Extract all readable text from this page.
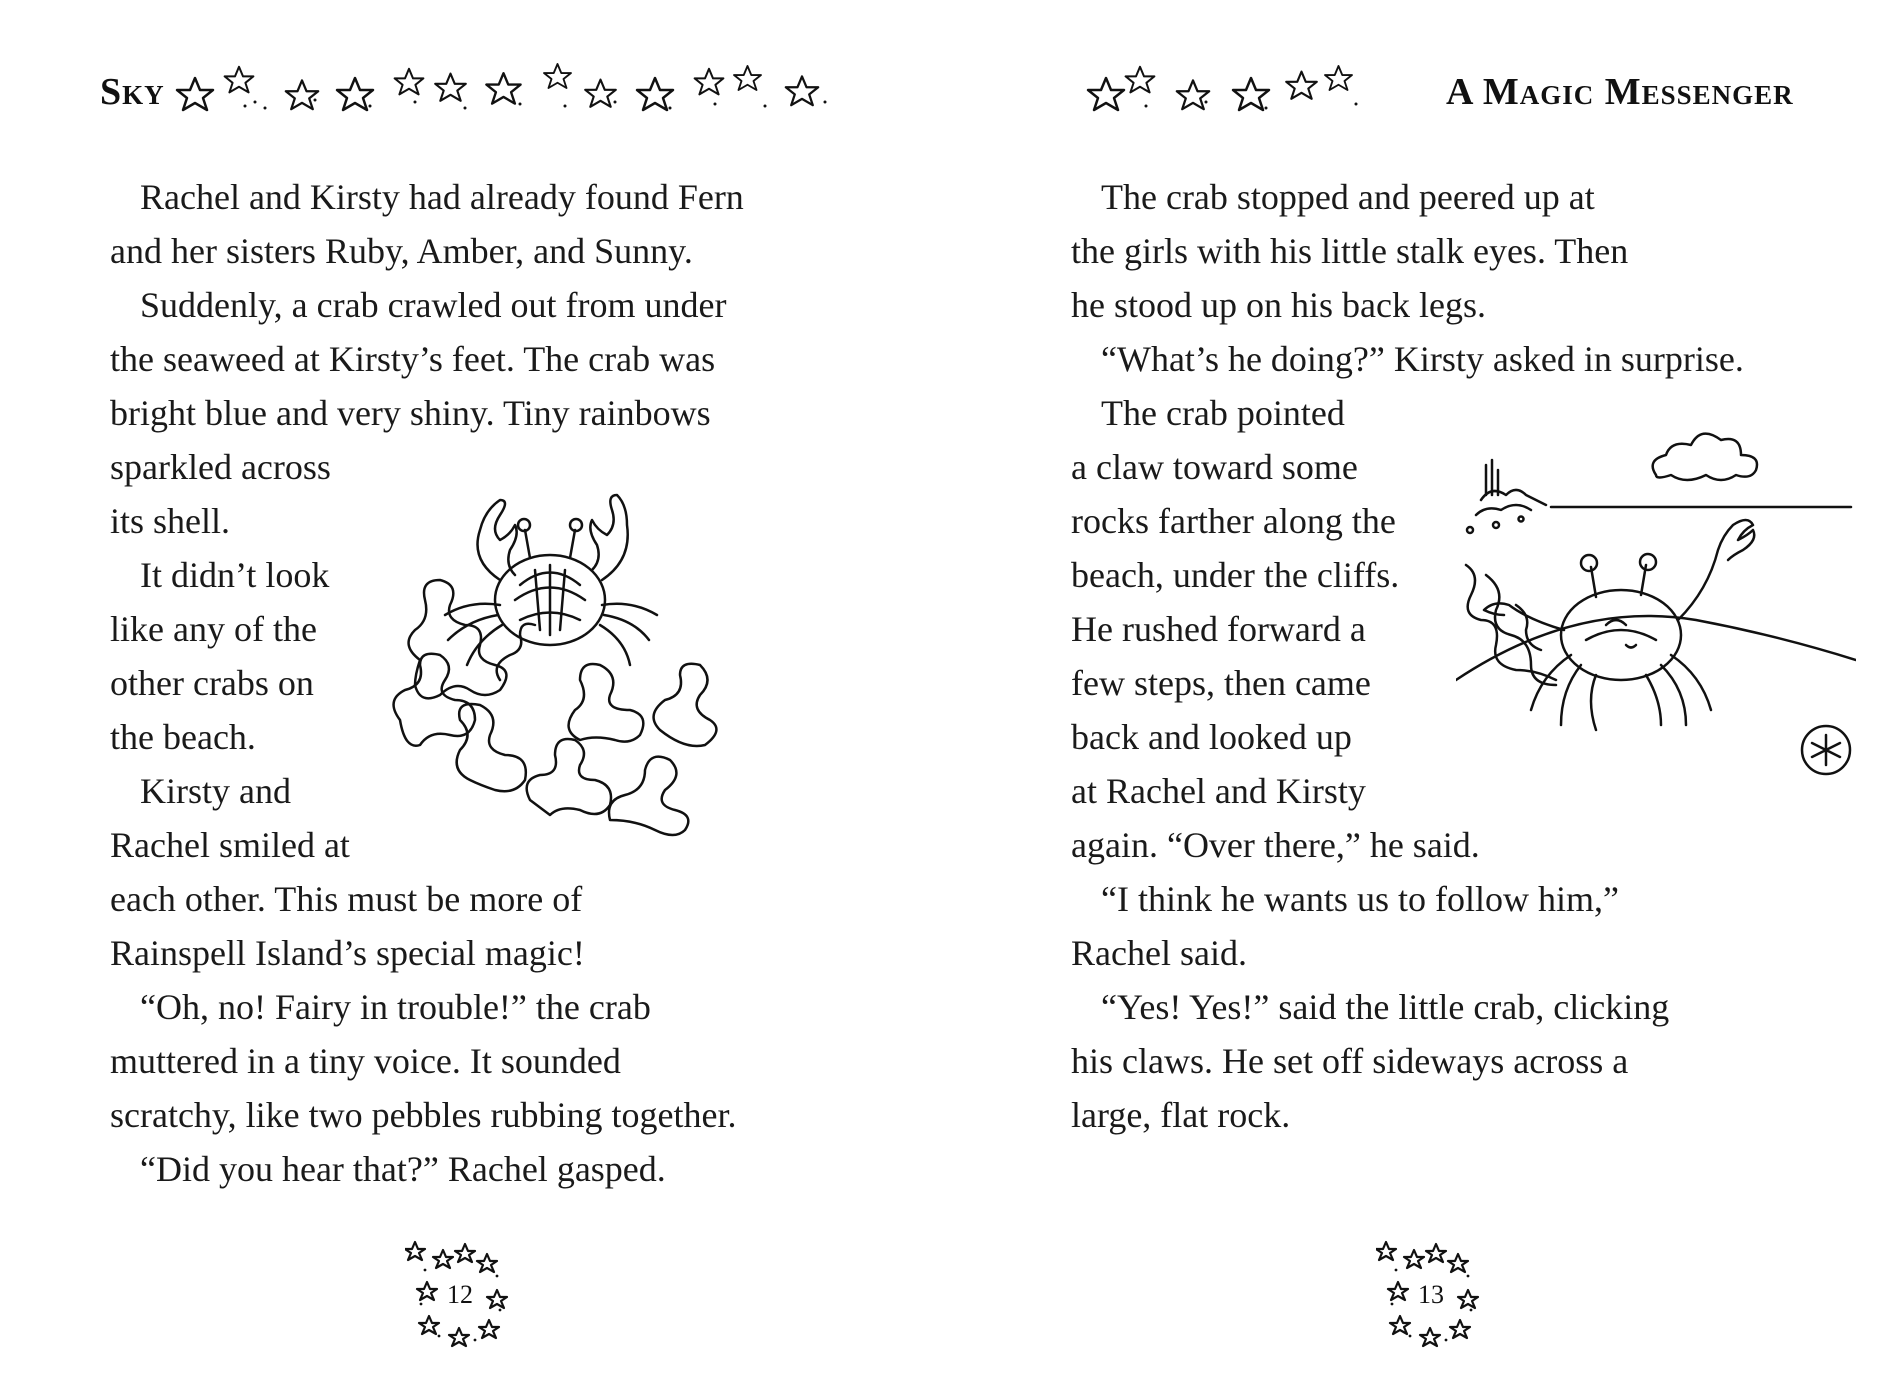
Sky
Rachel and Kirsty had already found Fern
and her sisters Ruby, Amber, and Sunny.
Suddenly, a crab crawled out from under
the seaweed at Kirsty’s feet. The crab was
bright blue and very shiny. Tiny rainbows
sparkled across
its shell.
It didn’t look
like any of the
other crabs on
the beach.
Kirsty and
Rachel smiled at
each other. This must be more of
Rainspell Island’s special magic!
“Oh, no! Fairy in trouble!” the crab
muttered in a tiny voice. It sounded
scratchy, like two pebbles rubbing together.
“Did you hear that?” Rachel gasped.
12
A Magic Messenger
The crab stopped and peered up at
the girls with his little stalk eyes. Then
he stood up on his back legs.
“What’s he doing?” Kirsty asked in surprise.
The crab pointed
a claw toward some
rocks farther along the
beach, under the cliffs.
He rushed forward a
few steps, then came
back and looked up
at Rachel and Kirsty
again. “Over there,” he said.
“I think he wants us to follow him,”
Rachel said.
“Yes! Yes!” said the little crab, clicking
his claws. He set off sideways across a
large, flat rock.
13
